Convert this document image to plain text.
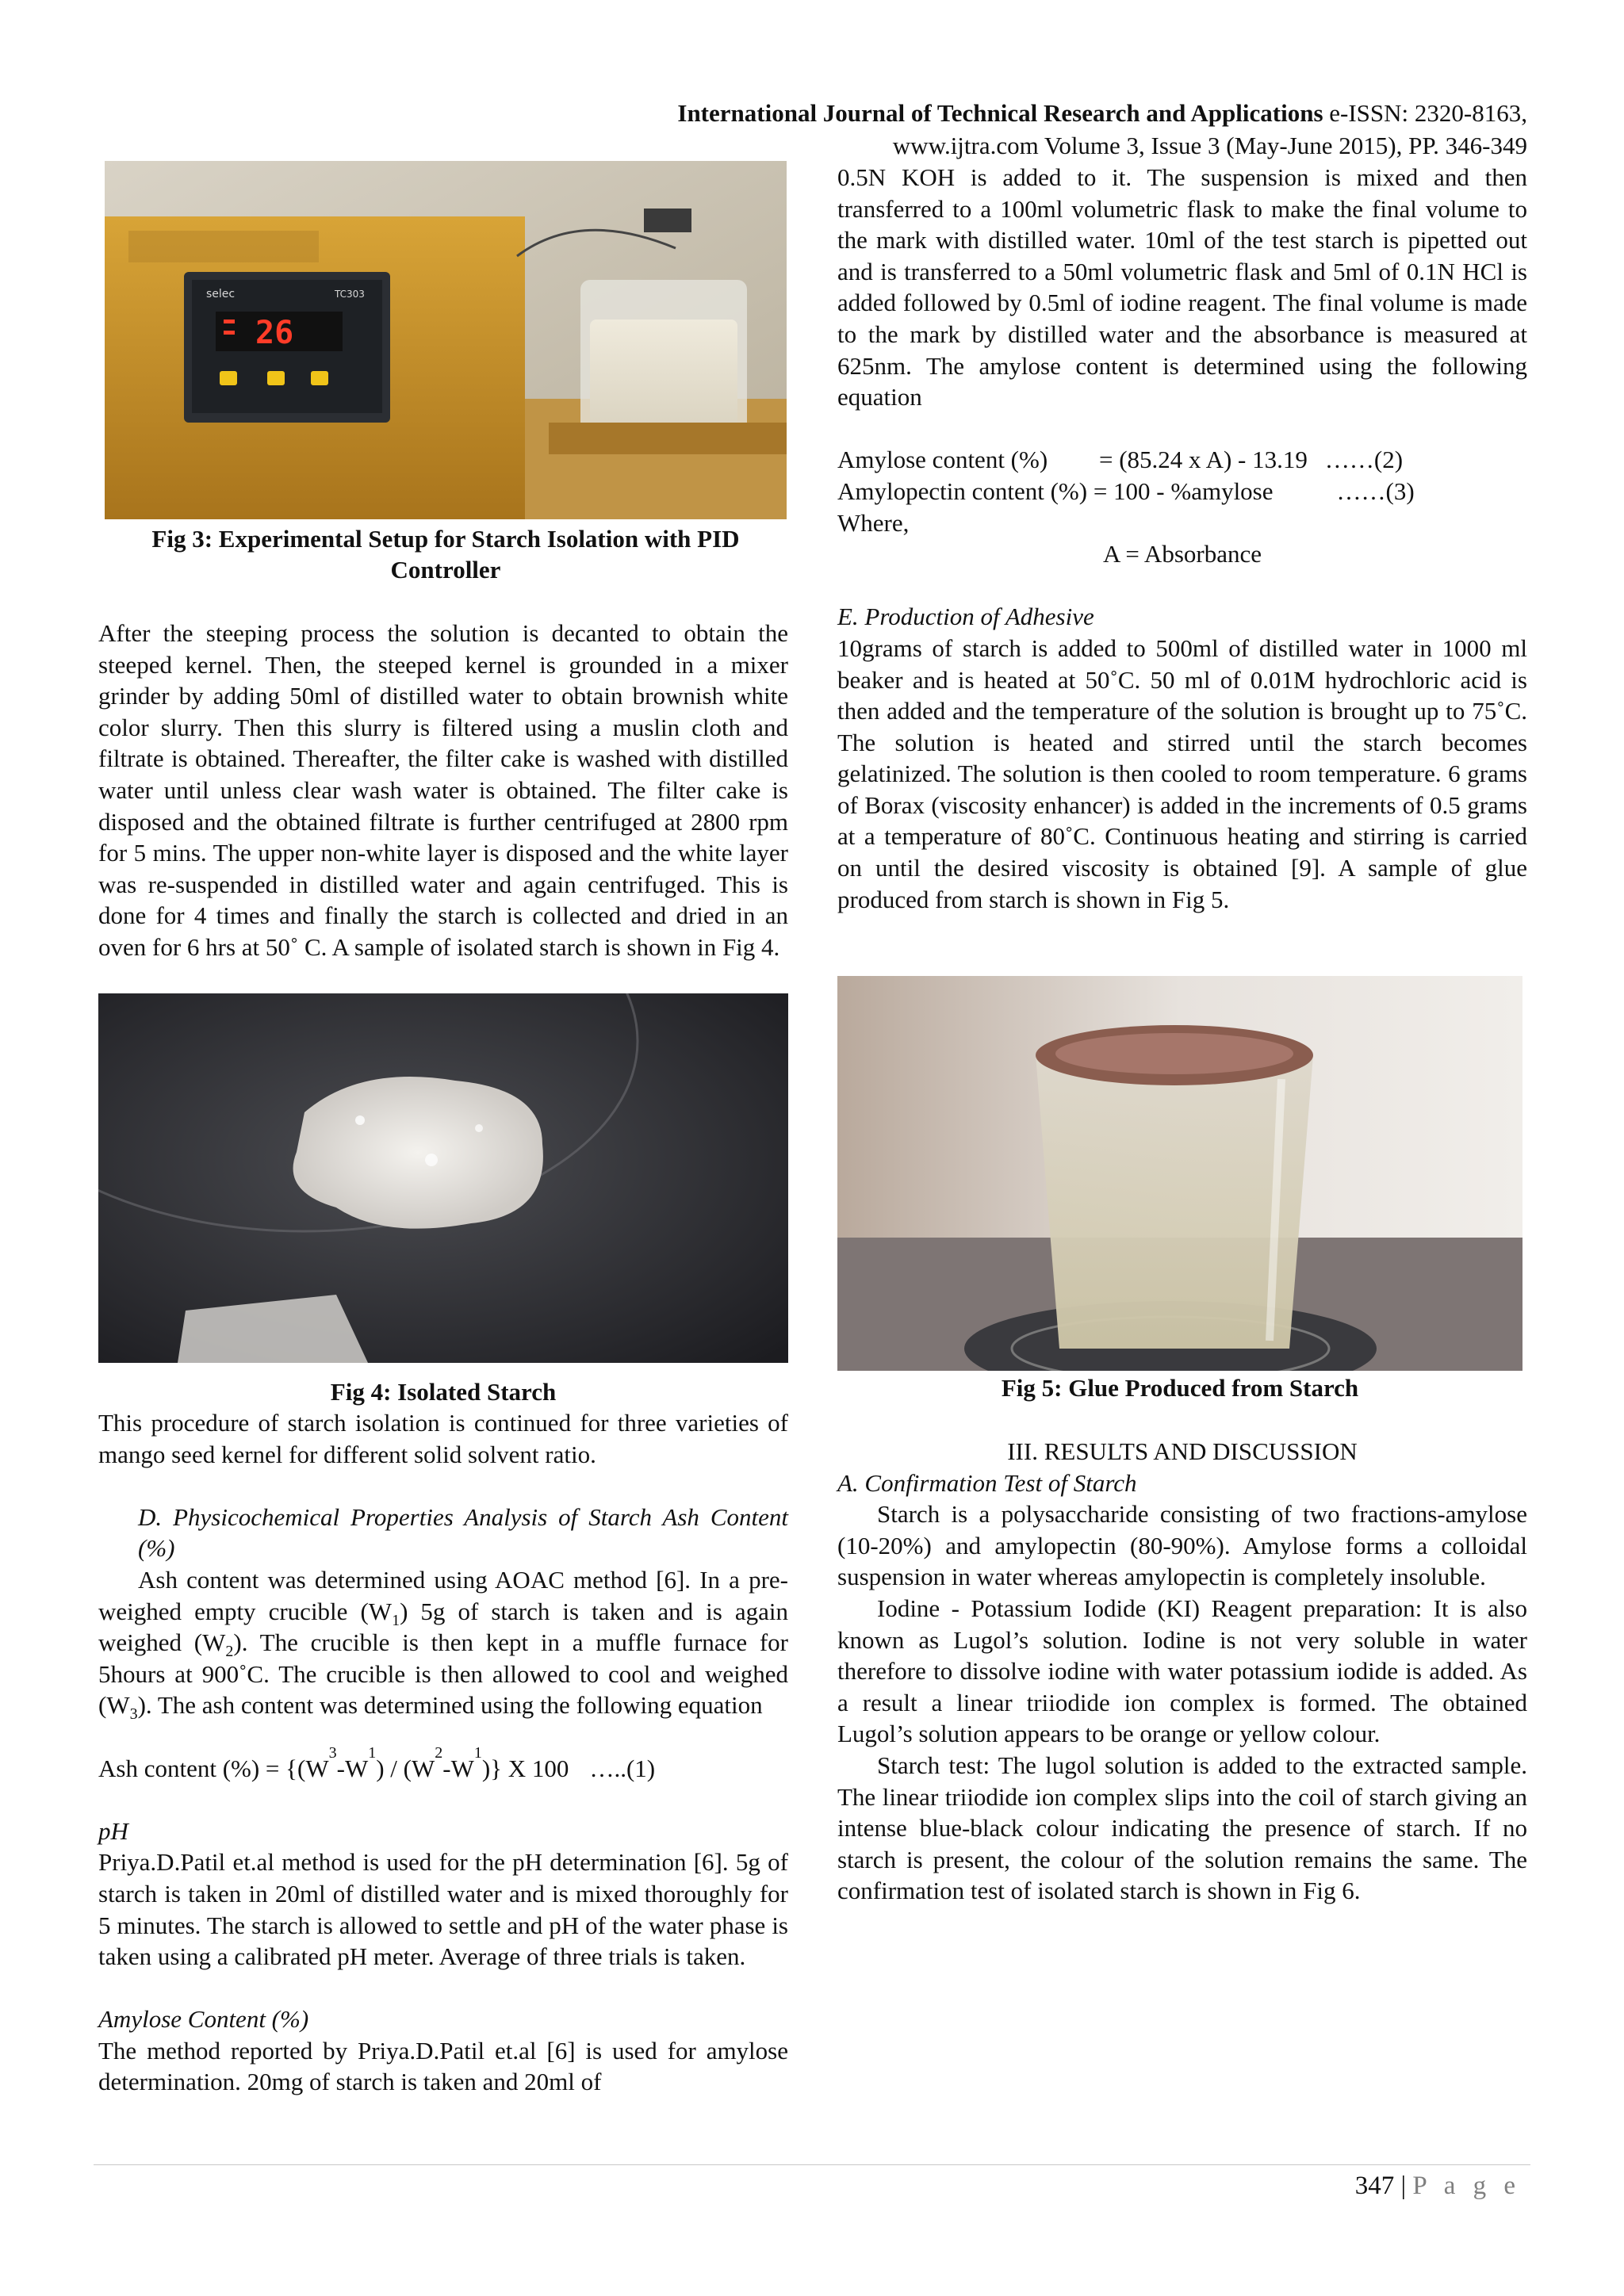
International Journal of Technical Research and Applications e-ISSN: 2320-8163,
www.ijtra.com Volume 3, Issue 3 (May-June 2015), PP. 346-349
selec	TC303
26
Fig 3: Experimental Setup for Starch Isolation with PID Controller

After the steeping process the solution is decanted to obtain the steeped kernel. Then, the steeped kernel is grounded in a mixer grinder by adding 50ml of distilled water to obtain brownish white color slurry. Then this slurry is filtered using a muslin cloth and filtrate is obtained. Thereafter, the filter cake is washed with distilled water until unless clear wash water is obtained. The filter cake is disposed and the obtained filtrate is further centrifuged at 2800 rpm for 5 mins. The upper non-white layer is disposed and the white layer was re-suspended in distilled water and again centrifuged. This is done for 4 times and finally the starch is collected and dried in an oven for 6 hrs at 50˚ C. A sample of isolated starch is shown in Fig 4.

Fig 4: Isolated Starch

This procedure of starch isolation is continued for three varieties of mango seed kernel for different solid solvent ratio.

D. Physicochemical Properties Analysis of Starch Ash Content (%)

Ash content was determined using AOAC method [6]. In a pre-weighed empty crucible $(W_1)$ 5g of starch is taken and is again weighed $(W_2)$. The crucible is then kept in a muffle furnace for 5hours at 900˚C. The crucible is then allowed to cool and weighed $(W_3)$. The ash content was determined using the following equation

Ash content (%) = {(W
3
-W
1
) / (W
2
-W
1
)} X 100 …..(1)

pH

Priya.D.Patil et.al method is used for the pH determination [6]. 5g of starch is taken in 20ml of distilled water and is mixed thoroughly for 5 minutes. The starch is allowed to settle and pH of the water phase is taken using a calibrated pH meter. Average of three trials is taken.

Amylose Content (%)

The method reported by Priya.D.Patil et.al [6] is used for amylose determination. 20mg of starch is taken and 20ml of

0.5N KOH is added to it. The suspension is mixed and then transferred to a 100ml volumetric flask to make the final volume to the mark with distilled water. 10ml of the test starch is pipetted out and is transferred to a 50ml volumetric flask and 5ml of 0.1N HCl is added followed by 0.5ml of iodine reagent. The final volume is made to the mark by distilled water and the absorbance is measured at 625nm. The amylose content is determined using the following equation

Amylose content (%)	= (85.24 x A) - 13.19 ……(2)

Amylopectin content (%) = 100 - %amylose	……(3)

Where,

A = Absorbance

E. Production of Adhesive

10grams of starch is added to 500ml of distilled water in 1000 ml beaker and is heated at 50˚C. 50 ml of 0.01M hydrochloric acid is then added and the temperature of the solution is brought up to 75˚C. The solution is heated and stirred until the starch becomes gelatinized. The solution is then cooled to room temperature. 6 grams of Borax (viscosity enhancer) is added in the increments of 0.5 grams at a temperature of 80˚C. Continuous heating and stirring is carried on until the desired viscosity is obtained [9]. A sample of glue produced from starch is shown in Fig 5.

Fig 5: Glue Produced from Starch

III. RESULTS AND DISCUSSION

A. Confirmation Test of Starch

Starch is a polysaccharide consisting of two fractions-amylose (10-20%) and amylopectin (80-90%). Amylose forms a colloidal suspension in water whereas amylopectin is completely insoluble.

Iodine - Potassium Iodide (KI) Reagent preparation: It is also known as Lugol’s solution. Iodine is not very soluble in water therefore to dissolve iodine with water potassium iodide is added. As a result a linear triiodide ion complex is formed. The obtained Lugol’s solution appears to be orange or yellow colour.

Starch test: The lugol solution is added to the extracted sample. The linear triiodide ion complex slips into the coil of starch giving an intense blue-black colour indicating the presence of starch. If no starch is present, the colour of the solution remains the same. The confirmation test of isolated starch is shown in Fig 6.

347 | P a g e
